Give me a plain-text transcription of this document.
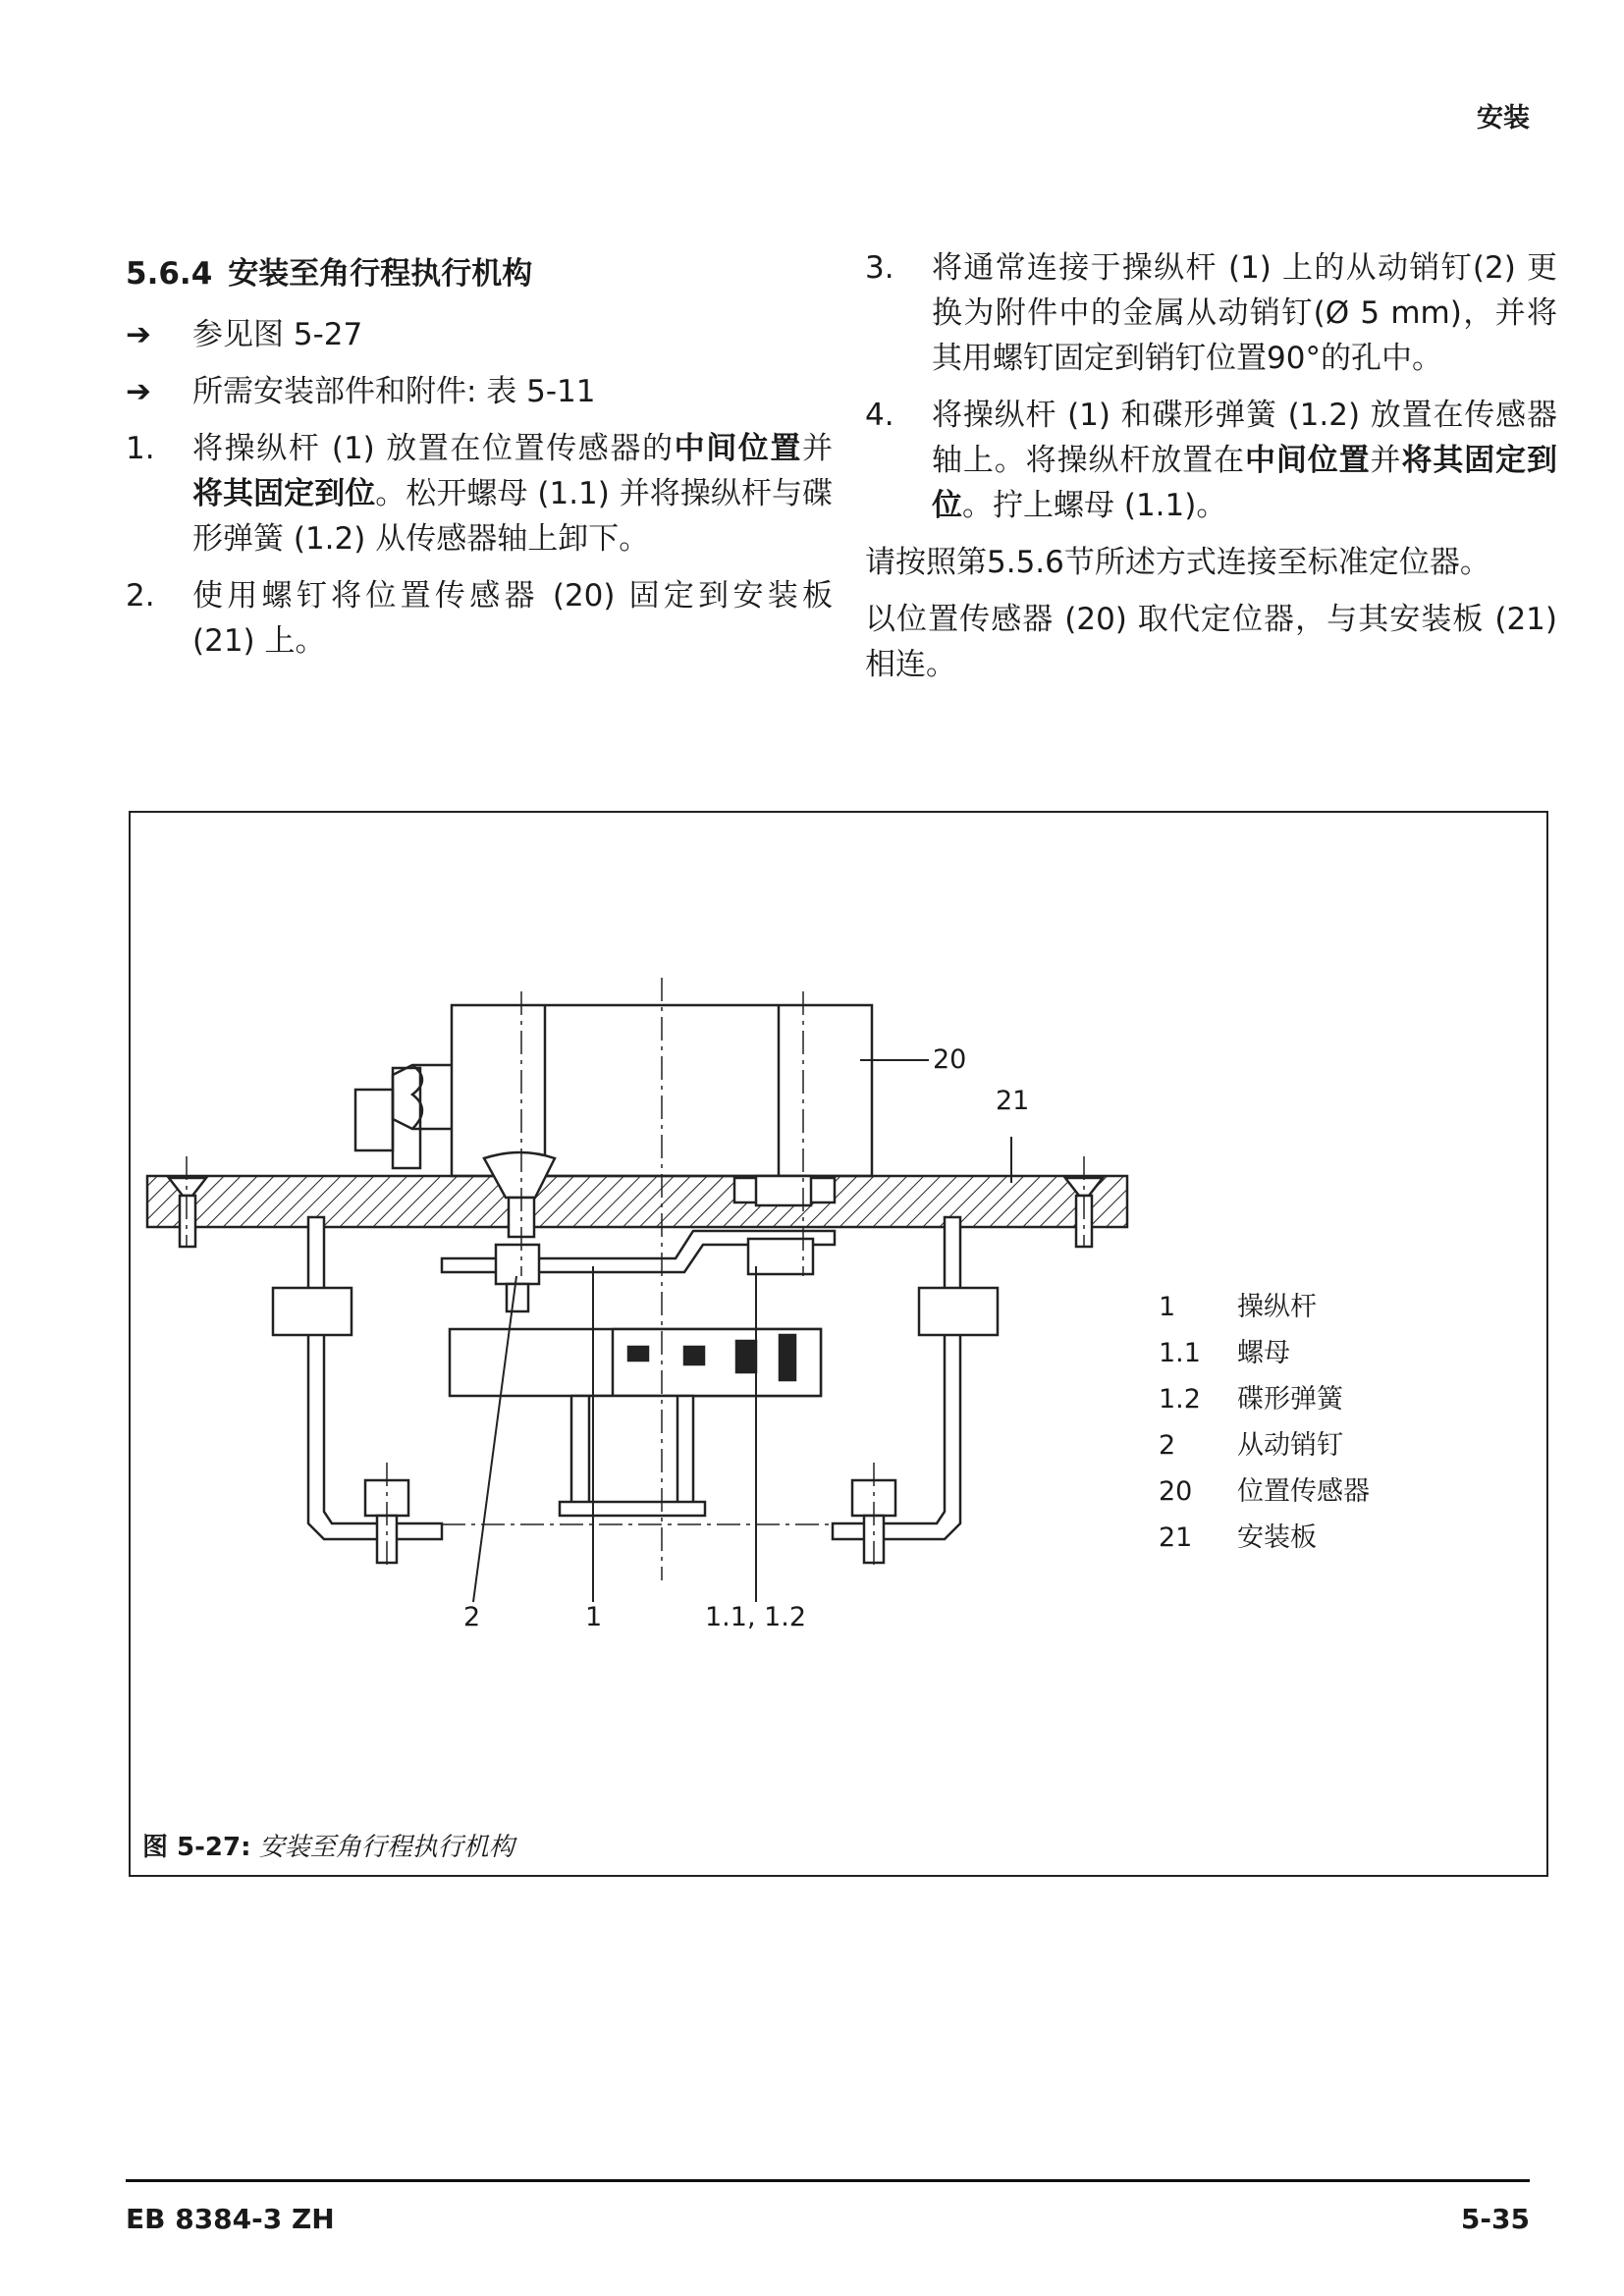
安装
5.6.4 安装至角行程执行机构
➔	参见图 5-27
➔	所需安装部件和附件: 表 5-11
1.	将操纵杆 (1) 放置在位置传感器的中间位置并将其固定到位。松开螺母 (1.1) 并将操纵杆与碟形弹簧 (1.2) 从传感器轴上卸下。
2.	使用螺钉将位置传感器 (20) 固定到安装板 (21) 上。
3.	将通常连接于操纵杆 (1) 上的从动销钉(2) 更换为附件中的金属从动销钉(Ø 5 mm)，并将其用螺钉固定到销钉位置90°的孔中。
4.	将操纵杆 (1) 和碟形弹簧 (1.2) 放置在传感器轴上。将操纵杆放置在中间位置并将其固定到位。拧上螺母 (1.1)。

请按照第5.5.6节所述方式连接至标准定位器。

以位置传感器 (20) 取代定位器，与其安装板 (21) 相连。

图 5-27: 安装至角行程执行机构
20
21
2	1	1.1, 1.2
1	操纵杆
1.1	螺母
1.2	碟形弹簧
2	从动销钉
20	位置传感器
21	安装板
EB 8384-3 ZH	5-35
